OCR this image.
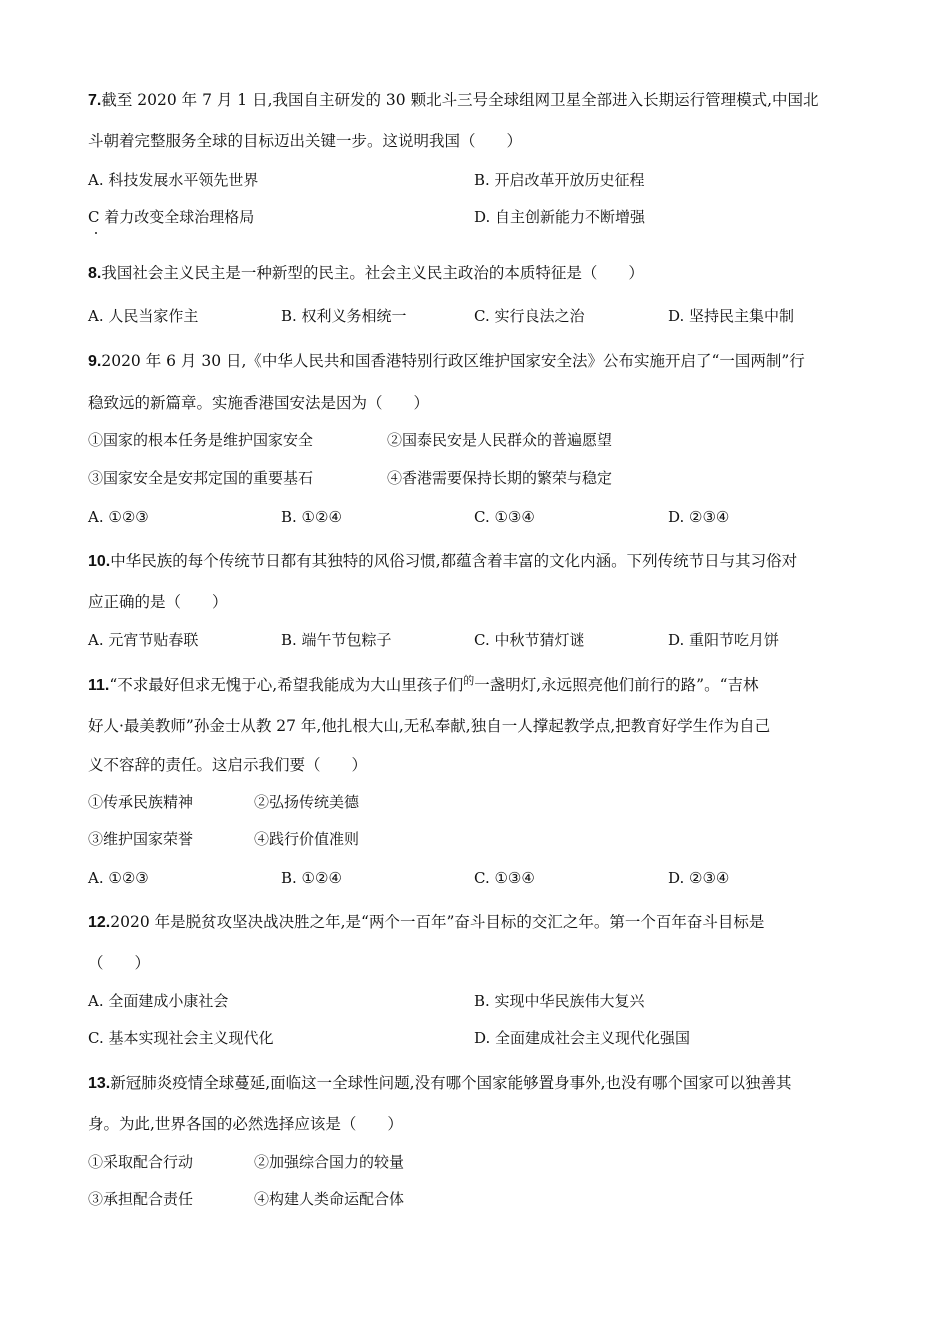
7.截至 2020 年 7 月 1 日,我国自主研发的 30 颗北斗三号全球组网卫星全部进入长期运行管理模式,中国北
斗朝着完整服务全球的目标迈出关键一步。这说明我国（　　）
A. 科技发展水平领先世界	B. 开启改革开放历史征程
C 着力改变全球治理格局	D. 自主创新能力不断增强
8.我国社会主义民主是一种新型的民主。社会主义民主政治的本质特征是（　　）
A. 人民当家作主	B. 权利义务相统一	C. 实行良法之治	D. 坚持民主集中制
9.2020 年 6 月 30 日,《中华人民共和国香港特别行政区维护国家安全法》公布实施开启了“一国两制”行
稳致远的新篇章。实施香港国安法是因为（　　）
①国家的根本任务是维护国家安全	②国泰民安是人民群众的普遍愿望
③国家安全是安邦定国的重要基石	④香港需要保持长期的繁荣与稳定
A. ①②③	B. ①②④	C. ①③④	D. ②③④
10.中华民族的每个传统节日都有其独特的风俗习惯,都蕴含着丰富的文化内涵。下列传统节日与其习俗对
应正确的是（　　）
A. 元宵节贴春联	B. 端午节包粽子	C. 中秋节猜灯谜	D. 重阳节吃月饼
11.“不求最好但求无愧于心,希望我能成为大山里孩子们$^的$一盏明灯,永远照亮他们前行的路”。“吉林
好人·最美教师”孙金士从教 27 年,他扎根大山,无私奉献,独自一人撑起教学点,把教育好学生作为自己
义不容辞的责任。这启示我们要（　　）
①传承民族精神	②弘扬传统美德
③维护国家荣誉	④践行价值准则
A. ①②③	B. ①②④	C. ①③④	D. ②③④
12.2020 年是脱贫攻坚决战决胜之年,是“两个一百年”奋斗目标的交汇之年。第一个百年奋斗目标是
（　　）
A. 全面建成小康社会	B. 实现中华民族伟大复兴
C. 基本实现社会主义现代化	D. 全面建成社会主义现代化强国
13.新冠肺炎疫情全球蔓延,面临这一全球性问题,没有哪个国家能够置身事外,也没有哪个国家可以独善其
身。为此,世界各国的必然选择应该是（　　）
①采取配合行动	②加强综合国力的较量
③承担配合责任	④构建人类命运配合体
